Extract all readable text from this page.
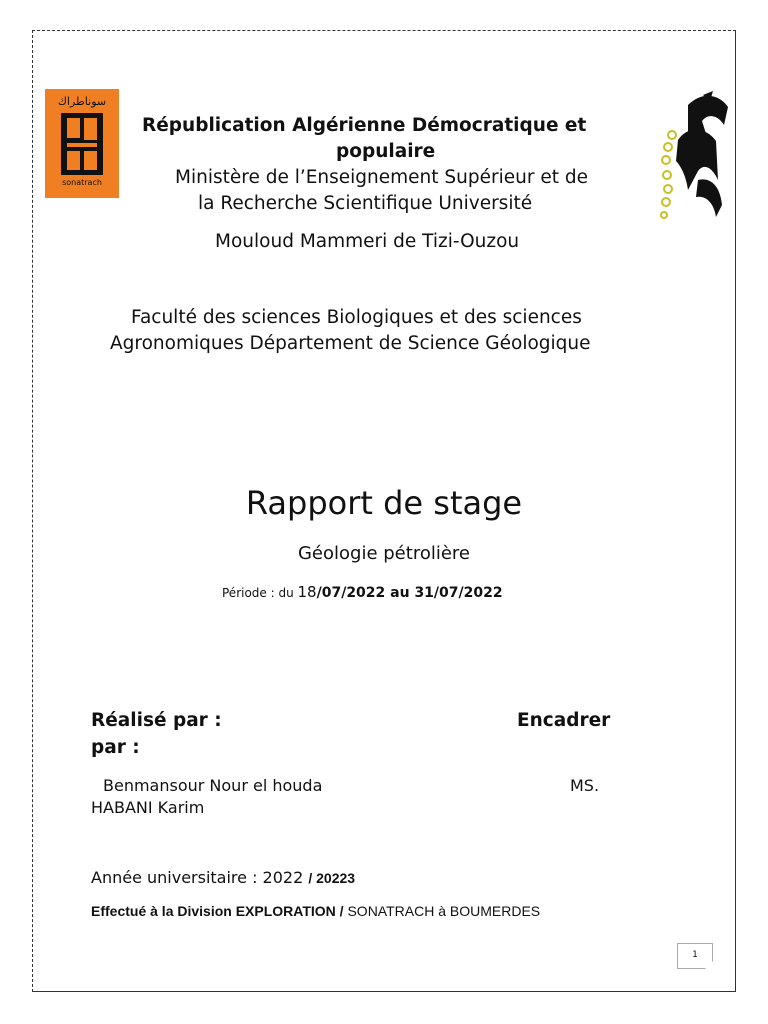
سوناطراك
sonatrach
Républication Algérienne Démocratique et
populaire
Ministère de l’Enseignement Supérieur et de
la Recherche Scientifique Université
Mouloud Mammeri de Tizi-Ouzou
Faculté des sciences Biologiques et des sciences
Agronomiques Département de Science Géologique
Rapport de stage
Géologie pétrolière
Période : du 18/07/2022 au 31/07/2022
Réalisé par :	Encadrer
par :
Benmansour Nour el houda	MS.
HABANI Karim
Année universitaire : 2022 / 20223
Effectué à la Division EXPLORATION / SONATRACH à BOUMERDES
1
